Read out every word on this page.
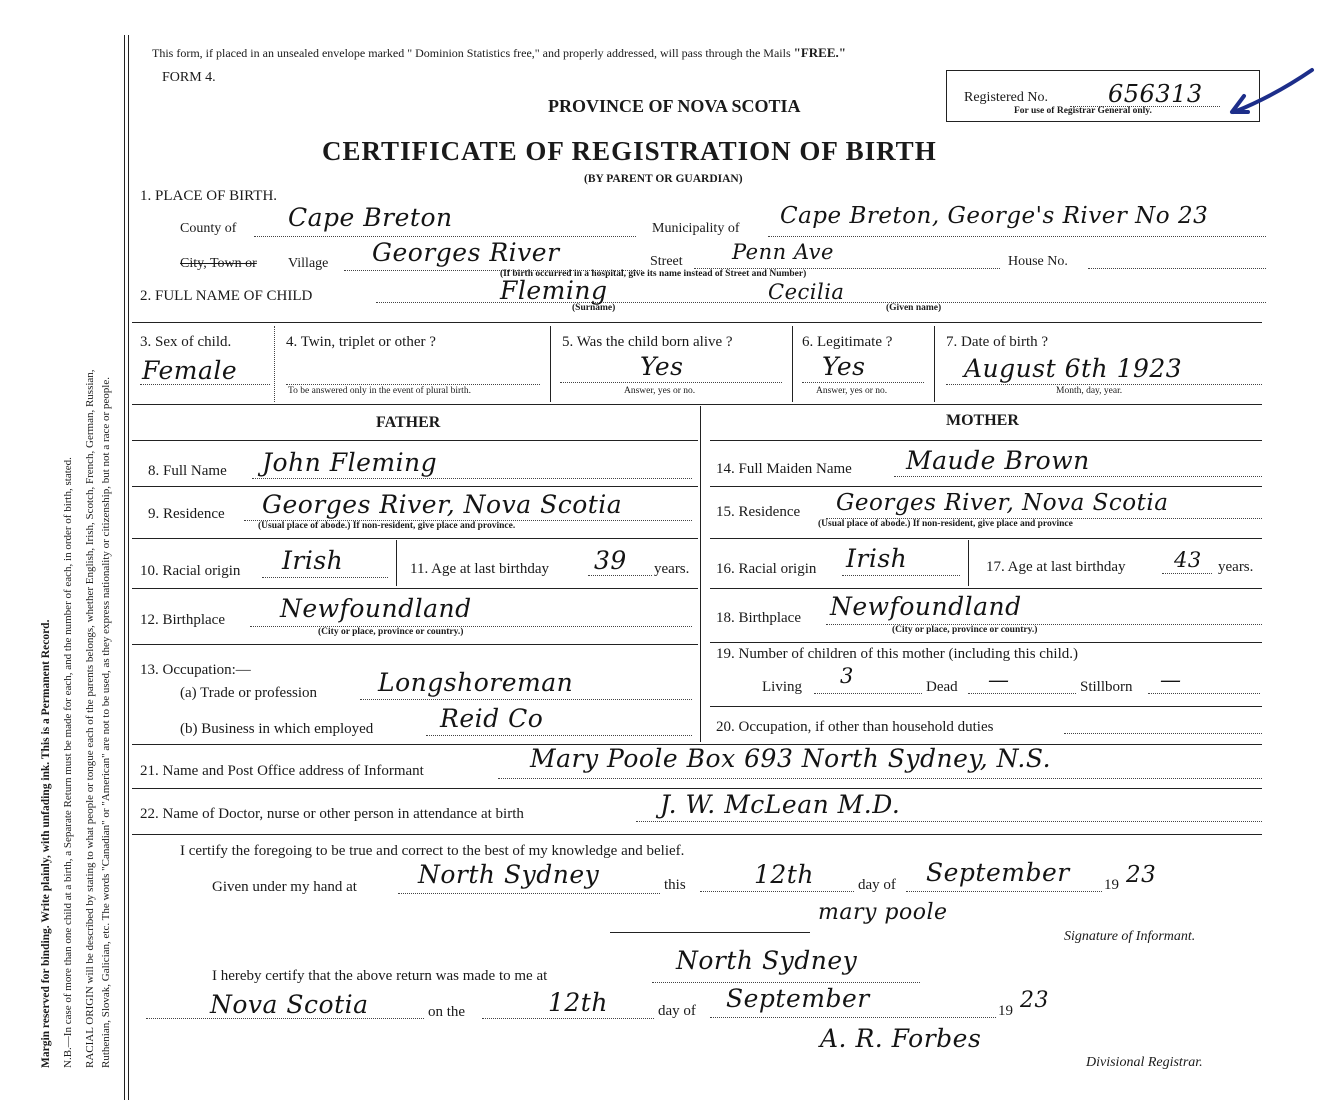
Margin reserved for binding. Write plainly, with unfading ink. This is a Permanent Record. N.B.—In case of more than one child at a birth, a Separate Return must be made for each, and the number of each, in order of birth, stated. RACIAL ORIGIN will be described by stating to what people or tongue each of the parents belongs, whether English, Irish, Scotch, French, German, Russian, Ruthenian, Slovak, Galician, etc. The words "Canadian" or "American" are not to be used, as they express nationality or citizenship, but not a race or people.
This form, if placed in an unsealed envelope marked " Dominion Statistics free," and properly addressed, will pass through the Mails "FREE."
FORM 4.
PROVINCE OF NOVA SCOTIA
CERTIFICATE OF REGISTRATION OF BIRTH
(BY PARENT OR GUARDIAN)
Registered No.	656313
For use of Registrar General only.
1. PLACE OF BIRTH.
County of Cape Breton	Municipality of Cape Breton, George's River No 23
City, Town or Village Georges River	Street Penn Ave	House No.
(If birth occurred in a hospital, give its name instead of Street and Number)
2. FULL NAME OF CHILD	Fleming	Cecilia
(Surname)	(Given name)
3. Sex of child.
Female
4. Twin, triplet or other ?
To be answered only in the event of plural birth.
5. Was the child born alive ?
Yes
Answer, yes or no.
6. Legitimate ?
Yes
Answer, yes or no.
7. Date of birth ?
August 6th 1923
Month, day, year.
FATHER	MOTHER
8. Full Name John Fleming
9. Residence Georges River, Nova Scotia
(Usual place of abode.) If non-resident, give place and province.
10. Racial origin Irish	11. Age at last birthday 39 years.
12. Birthplace Newfoundland
(City or place, province or country.)
13. Occupation:—
(a) Trade or profession Longshoreman
(b) Business in which employed	Reid Co
14. Full Maiden Name Maude Brown
15. Residence Georges River, Nova Scotia
(Usual place of abode.) If non-resident, give place and province
16. Racial origin Irish	17. Age at last birthday 43 years.
18. Birthplace Newfoundland
(City or place, province or country.)
19. Number of children of this mother (including this child.)
Living 3	Dead —	Stillborn —
20. Occupation, if other than household duties
21. Name and Post Office address of Informant	Mary Poole Box 693 North Sydney, N.S.
22. Name of Doctor, nurse or other person in attendance at birth	J. W. McLean M.D.
I certify the foregoing to be true and correct to the best of my knowledge and belief.
Given under my hand at North Sydney	this	12th	day of September 19 23
mary poole
Signature of Informant.
I hereby certify that the above return was made to me at
North Sydney
Nova Scotia	on the	12th	day of September	19 23
A. R. Forbes
Divisional Registrar.
